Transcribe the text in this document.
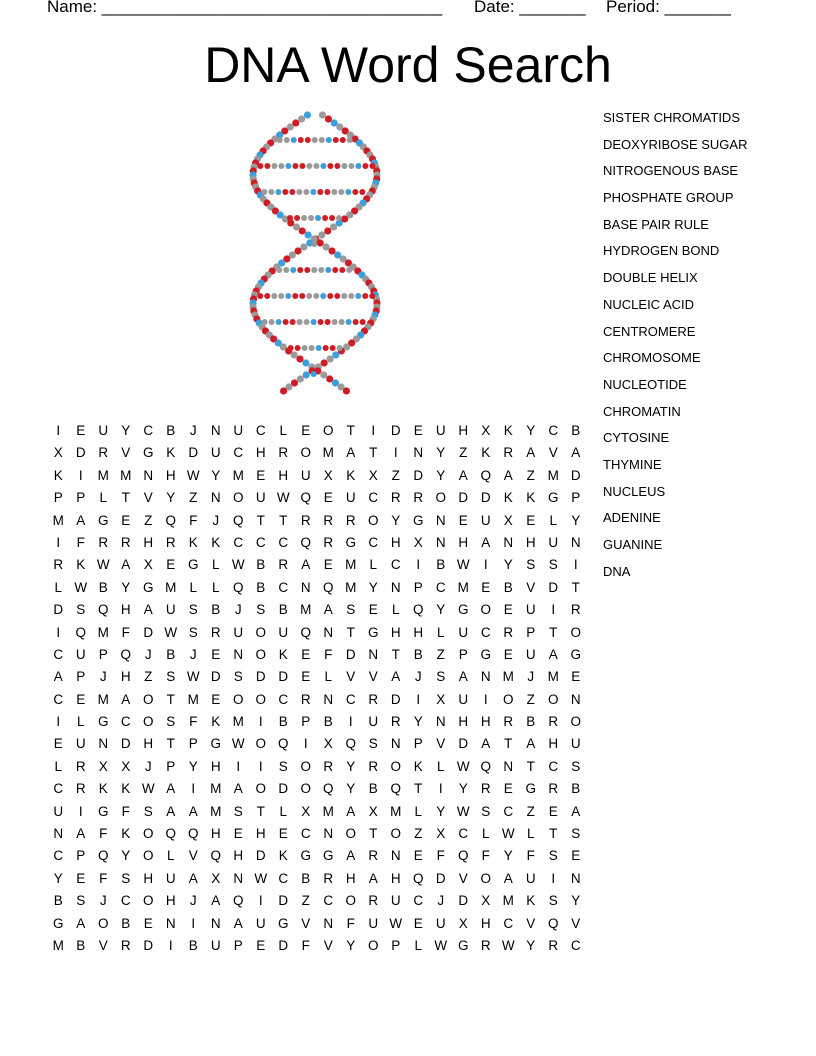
Name: ____________________________________ Date: _______ Period: _______
DNA Word Search
SISTER CHROMATIDS
DEOXYRIBOSE SUGAR
NITROGENOUS BASE
PHOSPHATE GROUP
BASE PAIR RULE
HYDROGEN BOND
DOUBLE HELIX
NUCLEIC ACID
CENTROMERE
CHROMOSOME
NUCLEOTIDE
CHROMATIN
CYTOSINE
THYMINE
NUCLEUS
ADENINE
GUANINE
DNA
I	E U Y C B	J	N U C	L	E O T	I	D E U H X K Y C B
X D R V G K D U C H R O M A	T	I	N Y	Z	K R A V A
K	I	M M N H W Y M E H U X K X	Z	D Y A Q A	Z M D
P P	L	T	V Y	Z	N O U W Q E U C R R O D D K K G P
M A G E	Z Q F	J	Q T	T	R R R O Y G N E U X E	L	Y
I	F	R R H R K K C C C Q R G C H X N H A N H U N
R K W A X E G L W B R A E M L	C	I	B W	I	Y S S	I
L W B Y G M L	L Q B C N Q M Y N P C M E B V D	T
D S Q H A U S B	J	S B M A S E	L Q Y G O E U	I	R
I	Q M F	D W S R U O U Q N	T G H H	L	U C R P	T O
C U P Q	J	B	J	E N O K E	F	D N	T	B	Z	P G E U A G
A P	J	H	Z	S W D S D D E	L	V V A	J	S A N M	J	M E
C E M A O T M E O O C R N C R D	I	X U	I	O Z O N
I	L G C O S	F	K M	I	B P B	I	U R Y N H H R B R O
E U N D H	T	P G W O Q	I	X Q S N P V D A	T	A H U
L	R X X	J	P Y H	I	I	S O R Y R O K	L W Q N	T	C S
C R K K W A	I	M A O D O Q Y B Q T	I	Y R E G R B
U	I	G F	S A A M S	T	L	X M A X M L	Y W S C	Z	E A
N A	F	K O Q Q H E H E C N O T O Z	X C	L W L	T	S
C P Q Y O L	V Q H D K G G A R N E	F Q F	Y	F	S E
Y E	F	S H U A X N W C B R H A H Q D V O A U	I	N
B S	J	C O H	J	A Q	I	D	Z	C O R U C	J	D X M K S Y
G A O B E N	I	N A U G V N	F	U W E U X H C V Q V
M B V R D	I	B U P E D	F	V Y O P	L W G R W Y R C
